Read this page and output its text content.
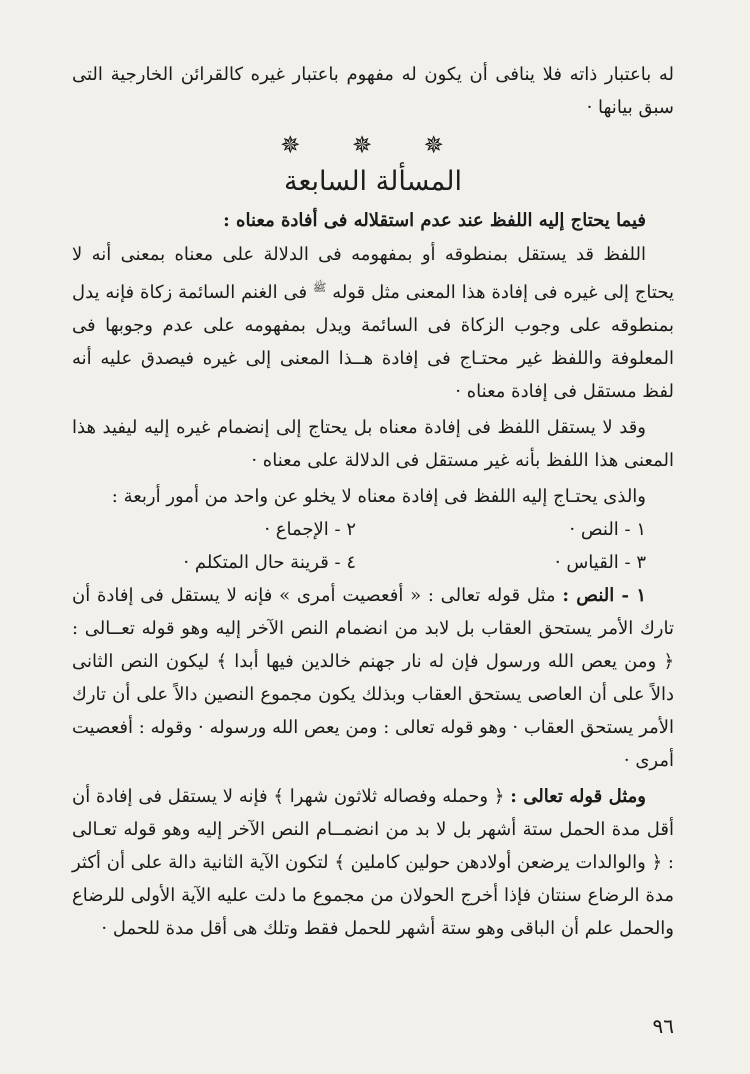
له باعتبار ذاته فلا ينافى أن يكون له مفهوم باعتبار غيره كالقرائن الخارجية التى سبق بيانها ·

✵ ✵ ✵
المسألة السابعة
فيما يحتاج إليه اللفظ عند عدم استقلاله فى أفادة معناه :

اللفظ قد يستقل بمنطوقه أو بمفهومه فى الدلالة على معناه بمعنى أنه لا يحتاج إلى غيره فى إفادة هذا المعنى مثل قوله $^ﷺ$ فى الغنم السائمة زكاة فإنه يدل بمنطوقه على وجوب الزكاة فى السائمة ويدل بمفهومه على عدم وجوبها فى المعلوفة واللفظ غير محتـاج فى إفادة هــذا المعنى إلى غيره فيصدق عليه أنه لفظ مستقل فى إفادة معناه ·

وقد لا يستقل اللفظ فى إفادة معناه بل يحتاج إلى إنضمام غيره إليه ليفيد هذا المعنى هذا اللفظ بأنه غير مستقل فى الدلالة على معناه ·

والذى يحتـاج إليه اللفظ فى إفادة معناه لا يخلو عن واحد من أمور أربعة :

١ - النص ·
٢ - الإجماع ·
٣ - القياس ·
٤ - قرينة حال المتكلم ·

١ - النص : مثل قوله تعالى : « أفعصيت أمرى » فإنه لا يستقل فى إفادة أن تارك الأمر يستحق العقاب بل لابد من انضمام النص الآخر إليه وهو قوله تعــالى : ﴿ ومن يعص الله ورسول فإن له نار جهنم خالدين فيها أبدا ﴾ ليكون النص الثانى دالاً على أن العاصى يستحق العقاب وبذلك يكون مجموع النصين دالاً على أن تارك الأمر يستحق العقاب · وهو قوله تعالى : ومن يعص الله ورسوله · وقوله : أفعصيت أمرى ·

ومثل قوله تعالى : ﴿ وحمله وفصاله ثلاثون شهرا ﴾ فإنه لا يستقل فى إفادة أن أقل مدة الحمل ستة أشهر بل لا بد من انضمــام النص الآخر إليه وهو قوله تعـالى : ﴿ والوالدات يرضعن أولادهن حولين كاملين ﴾ لتكون الآية الثانية دالة على أن أكثر مدة الرضاع سنتان فإذا أخرج الحولان من مجموع ما دلت عليه الآية الأولى للرضاع والحمل علم أن الباقى وهو ستة أشهر للحمل فقط وتلك هى أقل مدة للحمل ·

٩٦
